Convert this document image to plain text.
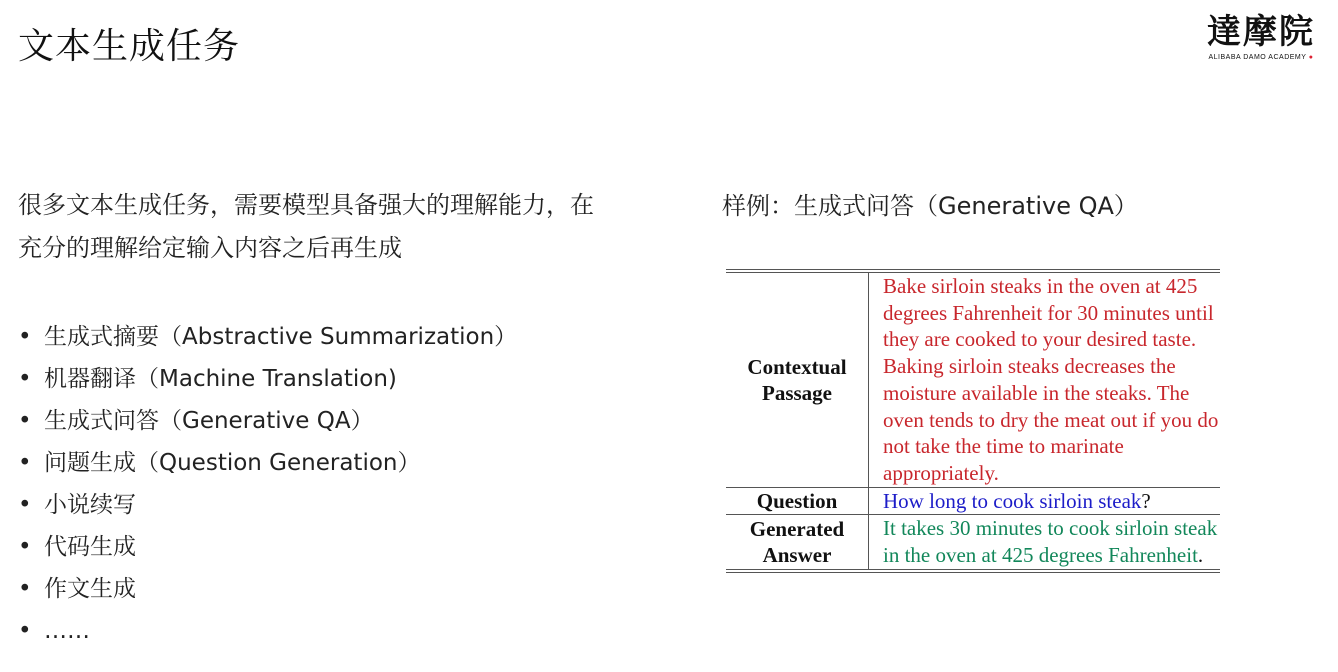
文本生成任务	達摩院
ALIBABA DAMO ACADEMY ●
很多文本生成任务，需要模型具备强大的理解能力，在充分的理解给定输入内容之后再生成
• 生成式摘要（Abstractive Summarization）
• 机器翻译（Machine Translation)
• 生成式问答（Generative QA）
• 问题生成（Question Generation）
• 小说续写
• 代码生成
• 作文生成
• ……
样例：生成式问答（Generative QA）
Contextual Passage	Bake sirloin steaks in the oven at 425 degrees Fahrenheit for 30 minutes until they are cooked to your desired taste. Baking sirloin steaks decreases the moisture available in the steaks. The oven tends to dry the meat out if you do not take the time to marinate appropriately.
Question	How long to cook sirloin steak?
Generated Answer	It takes 30 minutes to cook sirloin steak in the oven at 425 degrees Fahrenheit.
